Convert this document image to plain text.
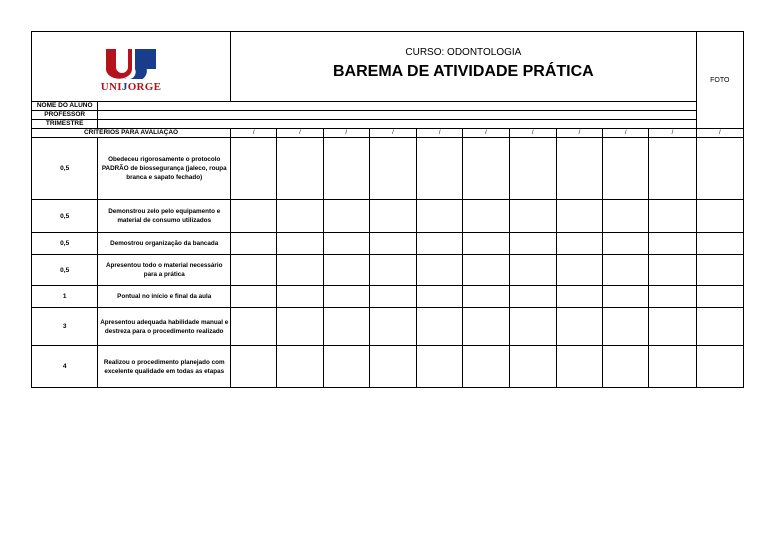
UNIJORGE		CURSO: ODONTOLOGIA
BAREMA DE ATIVIDADE PRÁTICA										FOTO
NOME DO ALUNO												
PROFESSOR												
TRIMESTRE												
CRITÉRIOS PARA AVALIAÇÃO		/	/	/	/	/	/	/	/	/	/	/
0,5	Obedeceu rigorosamente o protocolo PADRÃO de biossegurança (jaleco, roupa branca e sapato fechado)											
0,5	Demonstrou zelo pelo equipamento e material de consumo utilizados											
0,5	Demostrou organização da bancada											
0,5	Apresentou todo o material necessário para a prática											
1	Pontual no início e final da aula											
3	Apresentou adequada habilidade manual e destreza para o procedimento realizado											
4	Realizou o procedimento planejado com excelente qualidade em todas as etapas											
